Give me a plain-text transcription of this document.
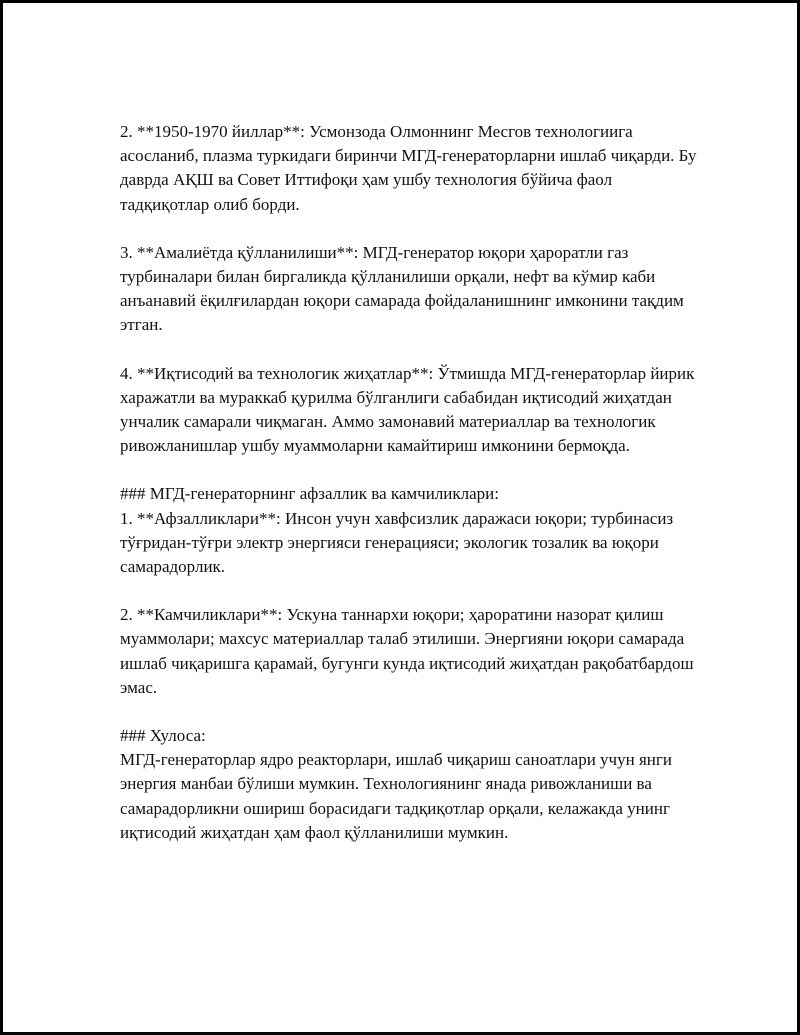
2. **1950-1970 йиллар**: Усмонзода Олмоннинг Месгов технологиига асосланиб, плазма туркидаги биринчи МГД-генераторларни ишлаб чиқарди. Бу даврда АҚШ ва Совет Иттифоқи ҳам ушбу технология бўйича фаол тадқиқотлар олиб борди.

3. **Амалиётда қўлланилиши**: МГД-генератор юқори ҳароратли газ турбиналари билан биргаликда қўлланилиши орқали, нефт ва кўмир каби анъанавий ёқилғилардан юқори самарада фойдаланишнинг имконини тақдим этган.

4. **Иқтисодий ва технологик жиҳатлар**: Ўтмишда МГД-генераторлар йирик харажатли ва мураккаб қурилма бўлганлиги сабабидан иқтисодий жиҳатдан унчалик самарали чиқмаган. Аммо замонавий материаллар ва технологик ривожланишлар ушбу муаммоларни камайтириш имконини бермоқда.

### МГД-генераторнинг афзаллик ва камчиликлари:

1. **Афзалликлари**: Инсон учун хавфсизлик даражаси юқори; турбинасиз тўғридан-тўғри электр энергияси генерацияси; экологик тозалик ва юқори самарадорлик.

2. **Камчиликлари**: Ускуна таннархи юқори; ҳароратини назорат қилиш муаммолари; махсус материаллар талаб этилиши. Энергияни юқори самарада ишлаб чиқаришга қарамай, бугунги кунда иқтисодий жиҳатдан рақобатбардош эмас.

### Хулоса:

МГД-генераторлар ядро реакторлари, ишлаб чиқариш саноатлари учун янги энергия манбаи бўлиши мумкин. Технологиянинг янада ривожланиши ва самарадорликни ошириш борасидаги тадқиқотлар орқали, келажакда унинг иқтисодий жиҳатдан ҳам фаол қўлланилиши мумкин.
